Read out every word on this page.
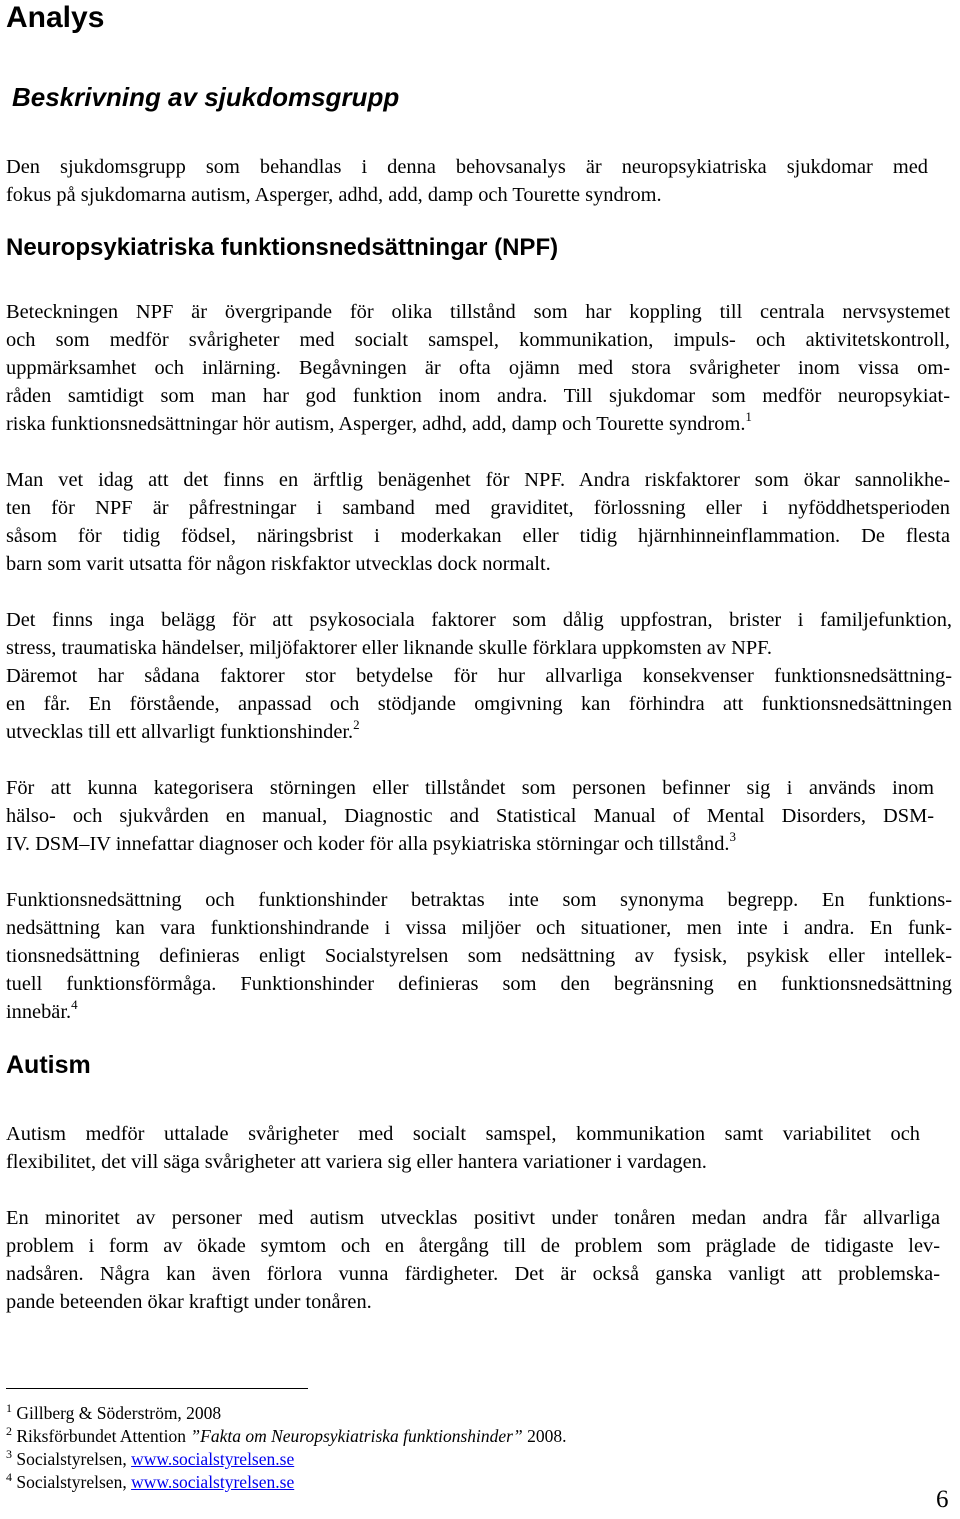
Analys
Beskrivning av sjukdomsgrupp
Den sjukdomsgrupp som behandlas i denna behovsanalys är neuropsykiatriska sjukdomar med
fokus på sjukdomarna autism, Asperger, adhd, add, damp och Tourette syndrom.
Neuropsykiatriska funktionsnedsättningar (NPF)
Beteckningen NPF är övergripande för olika tillstånd som har koppling till centrala nervsystemet
och som medför svårigheter med socialt samspel, kommunikation, impuls- och aktivitetskontroll,
uppmärksamhet och inlärning. Begåvningen är ofta ojämn med stora svårigheter inom vissa om-
råden samtidigt som man har god funktion inom andra. Till sjukdomar som medför neuropsykiat-
riska funktionsnedsättningar hör autism, Asperger, adhd, add, damp och Tourette syndrom.$^1$
Man vet idag att det finns en ärftlig benägenhet för NPF. Andra riskfaktorer som ökar sannolikhe-
ten för NPF är påfrestningar i samband med graviditet, förlossning eller i nyföddhetsperioden
såsom för tidig födsel, näringsbrist i moderkakan eller tidig hjärnhinneinflammation. De flesta
barn som varit utsatta för någon riskfaktor utvecklas dock normalt.
Det finns inga belägg för att psykosociala faktorer som dålig uppfostran, brister i familjefunktion,
stress, traumatiska händelser, miljöfaktorer eller liknande skulle förklara uppkomsten av NPF.
Däremot har sådana faktorer stor betydelse för hur allvarliga konsekvenser funktionsnedsättning-
en får. En förstående, anpassad och stödjande omgivning kan förhindra att funktionsnedsättningen
utvecklas till ett allvarligt funktionshinder.$^2$
För att kunna kategorisera störningen eller tillståndet som personen befinner sig i används inom
hälso- och sjukvården en manual, Diagnostic and Statistical Manual of Mental Disorders, DSM-
IV. DSM–IV innefattar diagnoser och koder för alla psykiatriska störningar och tillstånd.$^3$
Funktionsnedsättning och funktionshinder betraktas inte som synonyma begrepp. En funktions-
nedsättning kan vara funktionshindrande i vissa miljöer och situationer, men inte i andra. En funk-
tionsnedsättning definieras enligt Socialstyrelsen som nedsättning av fysisk, psykisk eller intellek-
tuell funktionsförmåga. Funktionshinder definieras som den begränsning en funktionsnedsättning
innebär.$^4$
Autism
Autism medför uttalade svårigheter med socialt samspel, kommunikation samt variabilitet och
flexibilitet, det vill säga svårigheter att variera sig eller hantera variationer i vardagen.
En minoritet av personer med autism utvecklas positivt under tonåren medan andra får allvarliga
problem i form av ökade symtom och en återgång till de problem som präglade de tidigaste lev-
nadsåren. Några kan även förlora vunna färdigheter. Det är också ganska vanligt att problemska-
pande beteenden ökar kraftigt under tonåren.
$^1$ Gillberg & Söderström, 2008
$^2$ Riksförbundet Attention ”Fakta om Neuropsykiatriska funktionshinder” 2008.
$^3$ Socialstyrelsen, www.socialstyrelsen.se
$^4$ Socialstyrelsen, www.socialstyrelsen.se
6
